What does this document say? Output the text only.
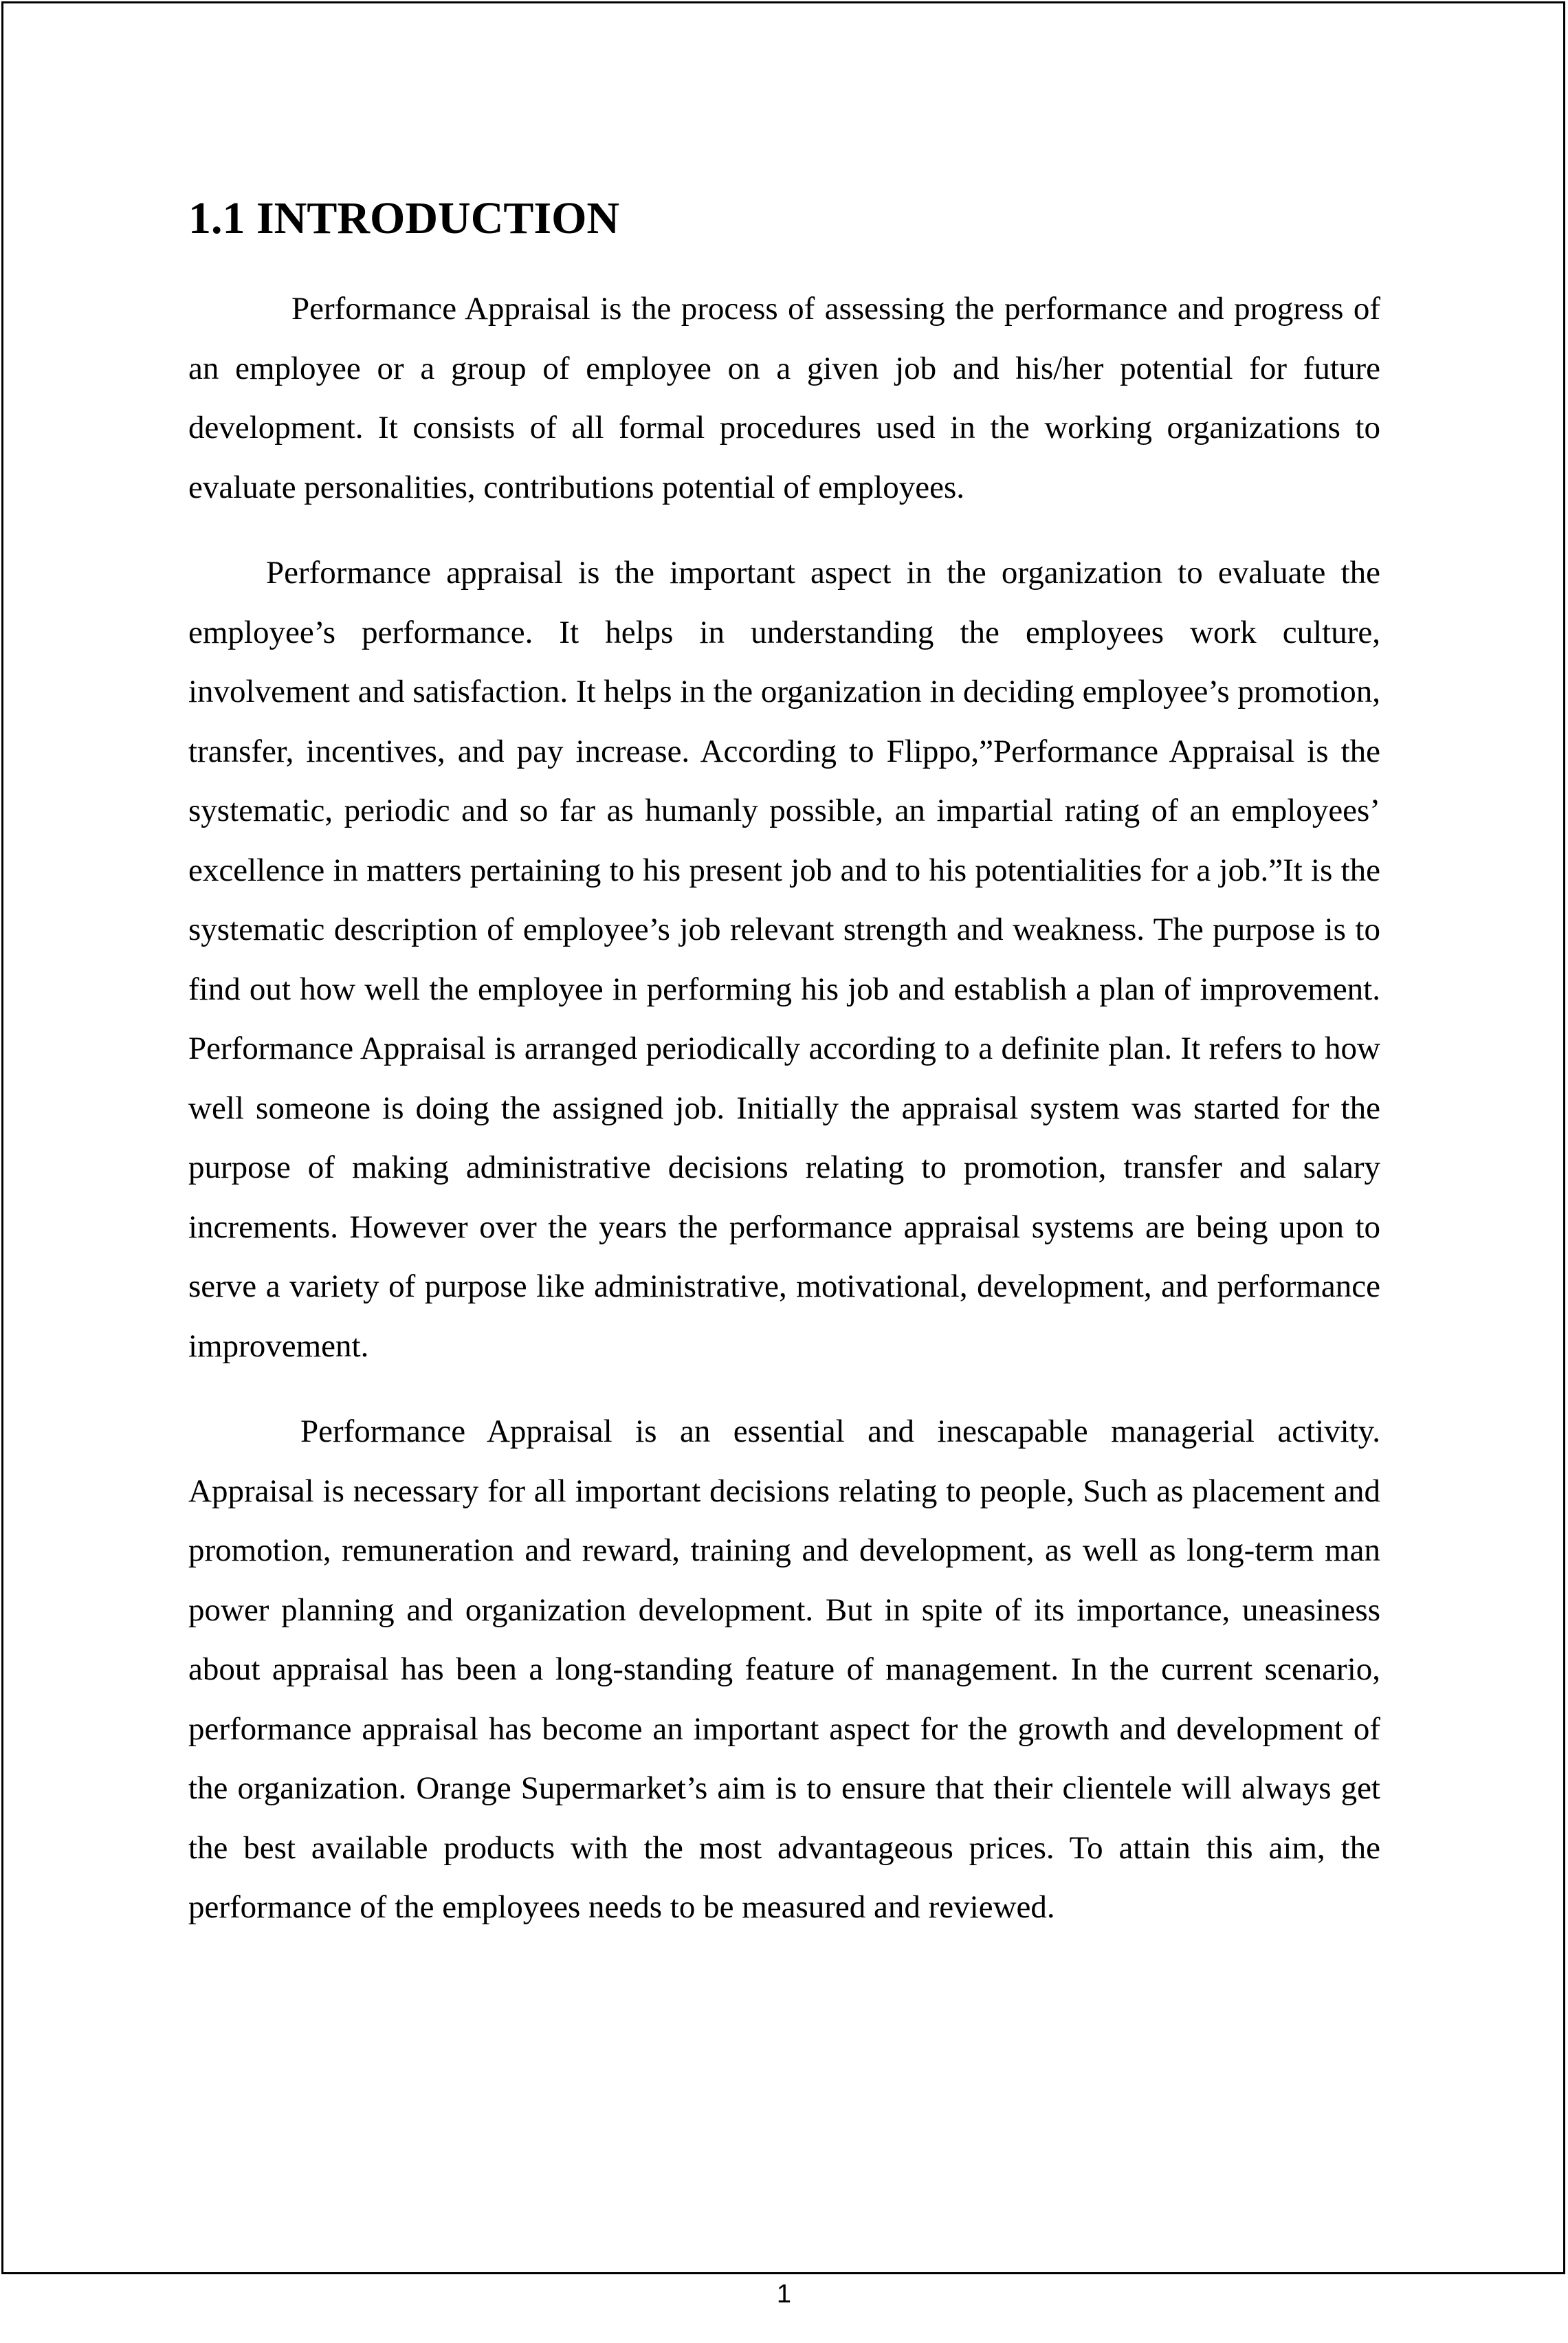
1.1 INTRODUCTION

Performance Appraisal is the process of assessing the performance and progress of an employee or a group of employee on a given job and his/her potential for future development. It consists of all formal procedures used in the working organizations to evaluate personalities, contributions potential of employees.

Performance appraisal is the important aspect in the organization to evaluate the employee’s performance. It helps in understanding the employees work culture, involvement and satisfaction. It helps in the organization in deciding employee’s promotion, transfer, incentives, and pay increase. According to Flippo,”Performance Appraisal is the systematic, periodic and so far as humanly possible, an impartial rating of an employees’ excellence in matters pertaining to his present job and to his potentialities for a job.”It is the systematic description of employee’s job relevant strength and weakness. The purpose is to find out how well the employee in performing his job and establish a plan of improvement. Performance Appraisal is arranged periodically according to a definite plan. It refers to how well someone is doing the assigned job. Initially the appraisal system was started for the purpose of making administrative decisions relating to promotion, transfer and salary increments. However over the years the performance appraisal systems are being upon to serve a variety of purpose like administrative, motivational, development, and performance improvement.

Performance Appraisal is an essential and inescapable managerial activity. Appraisal is necessary for all important decisions relating to people, Such as placement and promotion, remuneration and reward, training and development, as well as long-term man power planning and organization development. But in spite of its importance, uneasiness about appraisal has been a long-standing feature of management. In the current scenario, performance appraisal has become an important aspect for the growth and development of the organization. Orange Supermarket’s aim is to ensure that their clientele will always get the best available products with the most advantageous prices. To attain this aim, the performance of the employees needs to be measured and reviewed.

1
